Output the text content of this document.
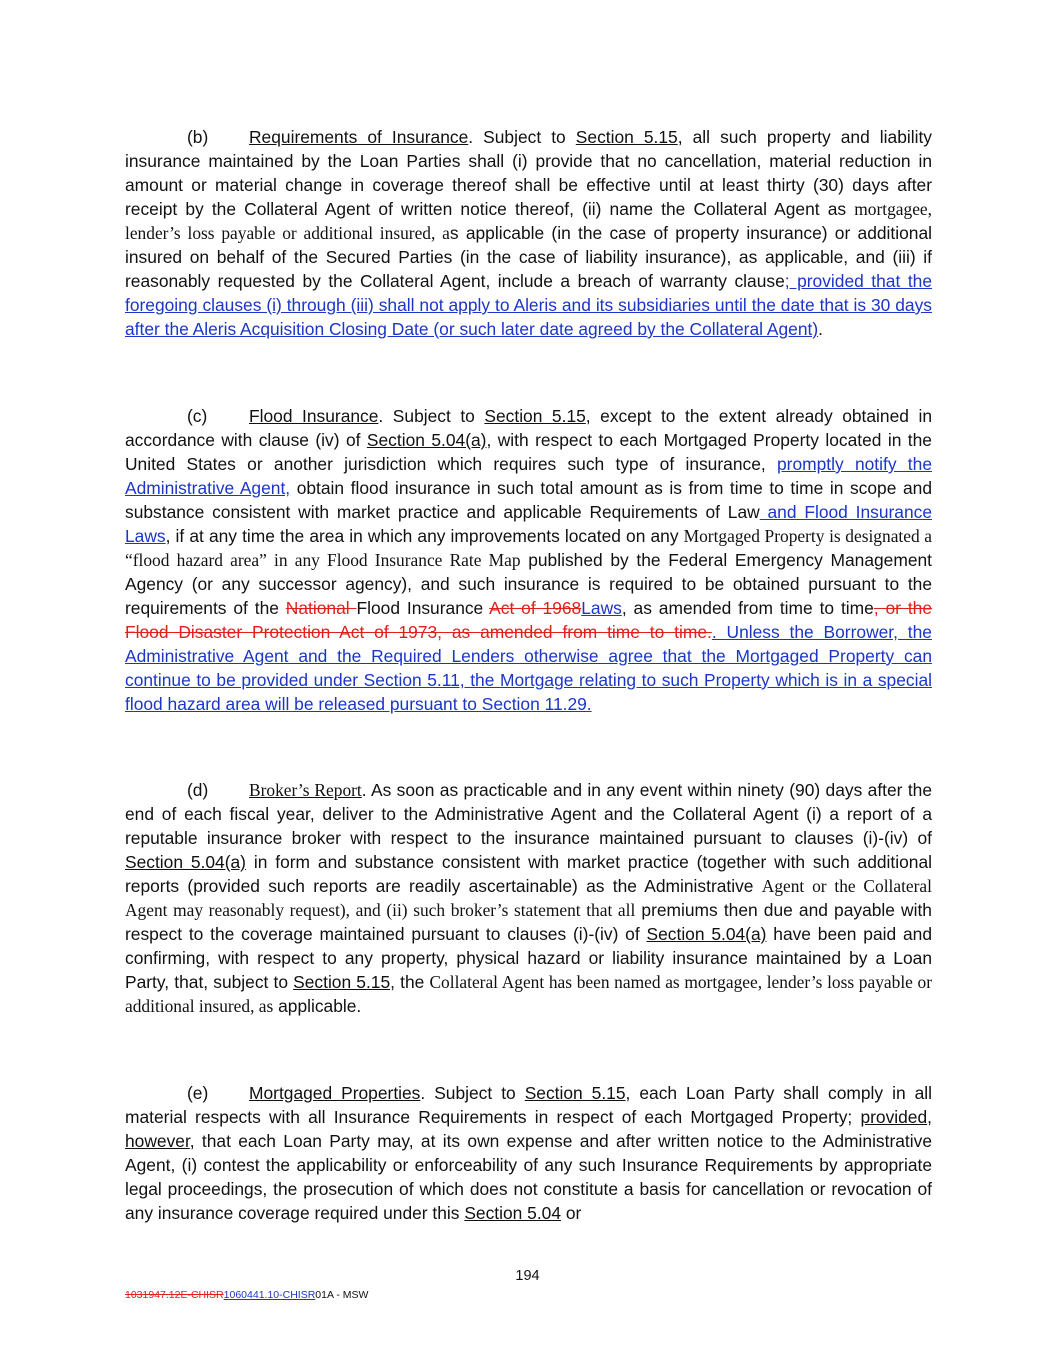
(b) Requirements of Insurance. Subject to Section 5.15, all such property and liability insurance maintained by the Loan Parties shall (i) provide that no cancellation, material reduction in amount or material change in coverage thereof shall be effective until at least thirty (30) days after receipt by the Collateral Agent of written notice thereof, (ii) name the Collateral Agent as mortgagee, lender’s loss payable or additional insured, as applicable (in the case of property insurance) or additional insured on behalf of the Secured Parties (in the case of liability insurance), as applicable, and (iii) if reasonably requested by the Collateral Agent, include a breach of warranty clause; provided that the foregoing clauses (i) through (iii) shall not apply to Aleris and its subsidiaries until the date that is 30 days after the Aleris Acquisition Closing Date (or such later date agreed by the Collateral Agent).

(c) Flood Insurance. Subject to Section 5.15, except to the extent already obtained in accordance with clause (iv) of Section 5.04(a), with respect to each Mortgaged Property located in the United States or another jurisdiction which requires such type of insurance, promptly notify the Administrative Agent, obtain flood insurance in such total amount as is from time to time in scope and substance consistent with market practice and applicable Requirements of Law and Flood Insurance Laws, if at any time the area in which any improvements located on any Mortgaged Property is designated a “flood hazard area” in any Flood Insurance Rate Map published by the Federal Emergency Management Agency (or any successor agency), and such insurance is required to be obtained pursuant to the requirements of the National Flood Insurance Act of 1968Laws, as amended from time to time, or the Flood Disaster Protection Act of 1973, as amended from time to time.. Unless the Borrower, the Administrative Agent and the Required Lenders otherwise agree that the Mortgaged Property can continue to be provided under Section 5.11, the Mortgage relating to such Property which is in a special flood hazard area will be released pursuant to Section 11.29.

(d) Broker’s Report. As soon as practicable and in any event within ninety (90) days after the end of each fiscal year, deliver to the Administrative Agent and the Collateral Agent (i) a report of a reputable insurance broker with respect to the insurance maintained pursuant to clauses (i)-(iv) of Section 5.04(a) in form and substance consistent with market practice (together with such additional reports (provided such reports are readily ascertainable) as the Administrative Agent or the Collateral Agent may reasonably request), and (ii) such broker’s statement that all premiums then due and payable with respect to the coverage maintained pursuant to clauses (i)-(iv) of Section 5.04(a) have been paid and confirming, with respect to any property, physical hazard or liability insurance maintained by a Loan Party, that, subject to Section 5.15, the Collateral Agent has been named as mortgagee, lender’s loss payable or additional insured, as applicable.

(e) Mortgaged Properties. Subject to Section 5.15, each Loan Party shall comply in all material respects with all Insurance Requirements in respect of each Mortgaged Property; provided, however, that each Loan Party may, at its own expense and after written notice to the Administrative Agent, (i) contest the applicability or enforceability of any such Insurance Requirements by appropriate legal proceedings, the prosecution of which does not constitute a basis for cancellation or revocation of any insurance coverage required under this Section 5.04 or

194
1031947.12E-CHISR1060441.10-CHISR01A - MSW
